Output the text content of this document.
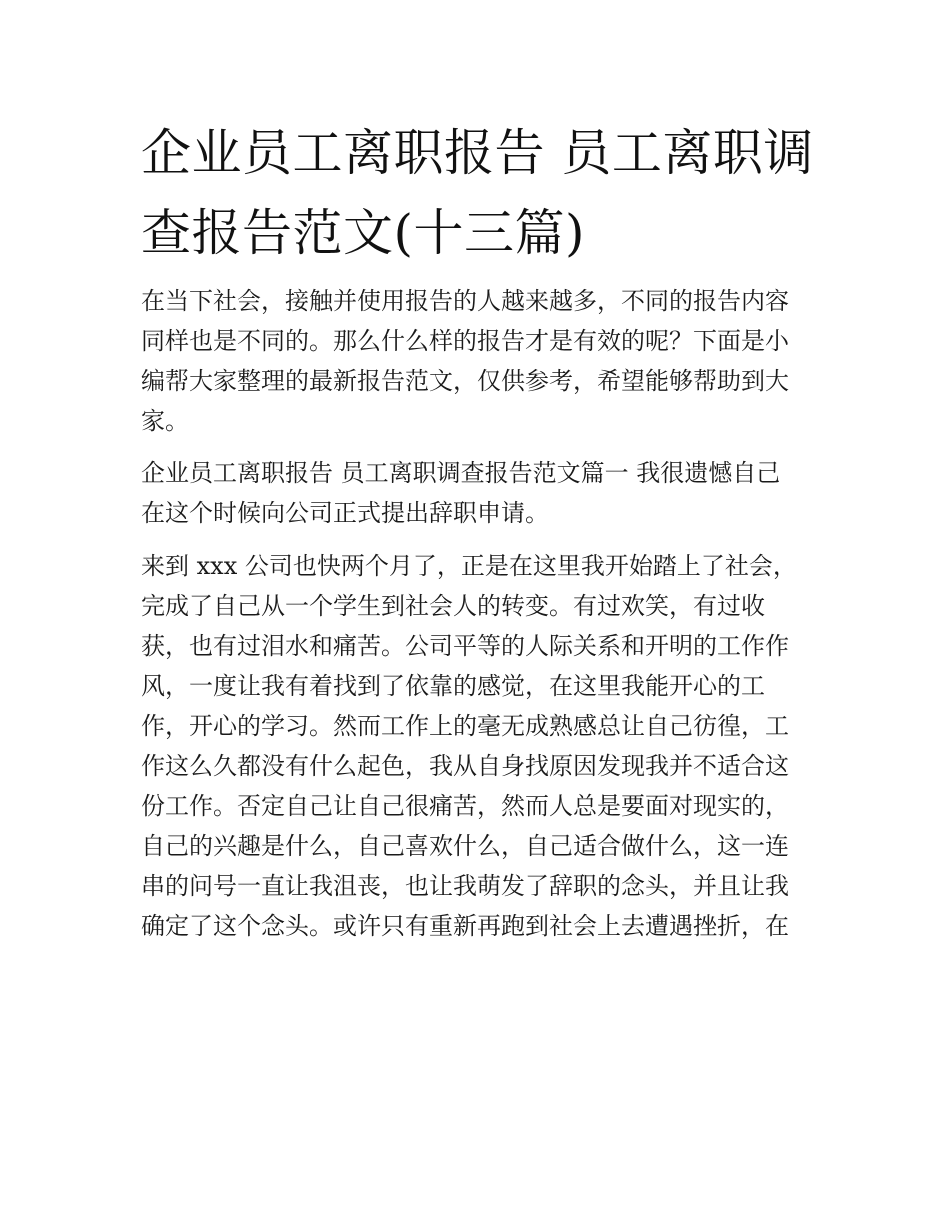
企业员工离职报告 员工离职调
查报告范文(十三篇)

在当下社会，接触并使用报告的人越来越多，不同的报告内容
同样也是不同的。那么什么样的报告才是有效的呢？下面是小
编帮大家整理的最新报告范文，仅供参考，希望能够帮助到大
家。

企业员工离职报告 员工离职调查报告范文篇一 我很遗憾自己
在这个时候向公司正式提出辞职申请。

来到 xxx 公司也快两个月了，正是在这里我开始踏上了社会，
完成了自己从一个学生到社会人的转变。有过欢笑，有过收
获，也有过泪水和痛苦。公司平等的人际关系和开明的工作作
风，一度让我有着找到了依靠的感觉，在这里我能开心的工
作，开心的学习。然而工作上的毫无成熟感总让自己彷徨，工
作这么久都没有什么起色，我从自身找原因发现我并不适合这
份工作。否定自己让自己很痛苦，然而人总是要面对现实的，
自己的兴趣是什么，自己喜欢什么，自己适合做什么，这一连
串的问号一直让我沮丧，也让我萌发了辞职的念头，并且让我
确定了这个念头。或许只有重新再跑到社会上去遭遇挫折，在
